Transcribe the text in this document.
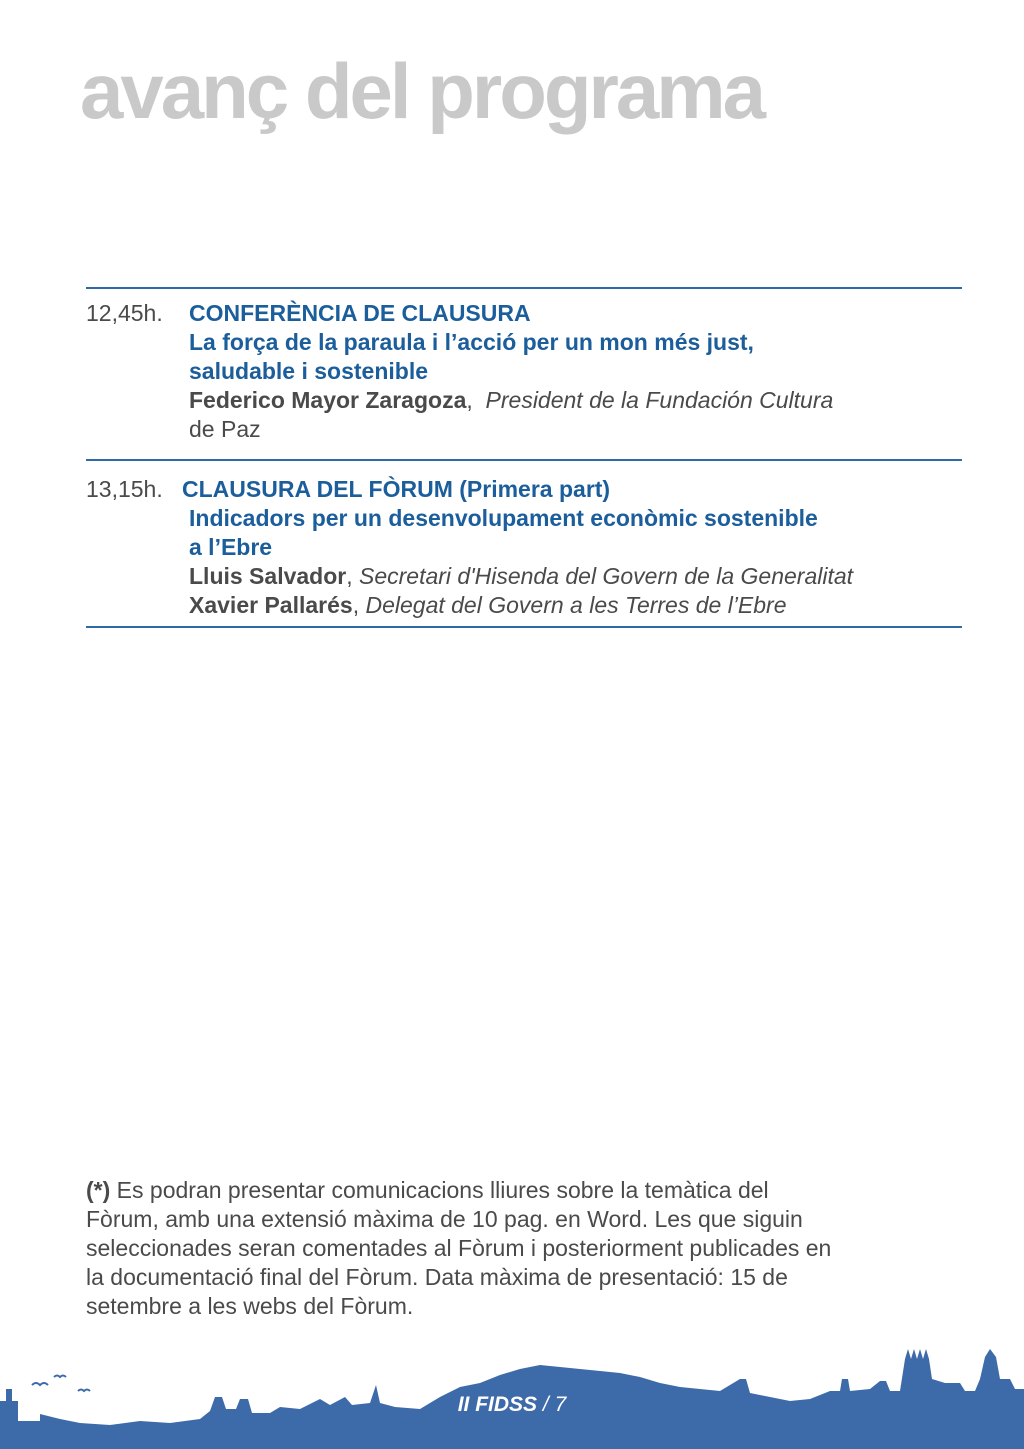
avanç del programa
12,45h. CONFERÈNCIA DE CLAUSURA
La força de la paraula i l’acció per un mon més just,
saludable i sostenible
Federico Mayor Zaragoza,  President de la Fundación Cultura
de Paz
13,15h. CLAUSURA DEL FÒRUM (Primera part)
Indicadors per un desenvolupament econòmic sostenible
a l’Ebre
Lluis Salvador, Secretari d'Hisenda del Govern de la Generalitat
Xavier Pallarés, Delegat del Govern a les Terres de l’Ebre

(*) Es podran presentar comunicacions lliures sobre la temàtica del
Fòrum, amb una extensió màxima de 10 pag. en Word. Les que siguin
seleccionades seran comentades al Fòrum i posteriorment publicades en
la documentació final del Fòrum. Data màxima de presentació: 15 de
setembre a les webs del Fòrum.

II FIDSS / 7
